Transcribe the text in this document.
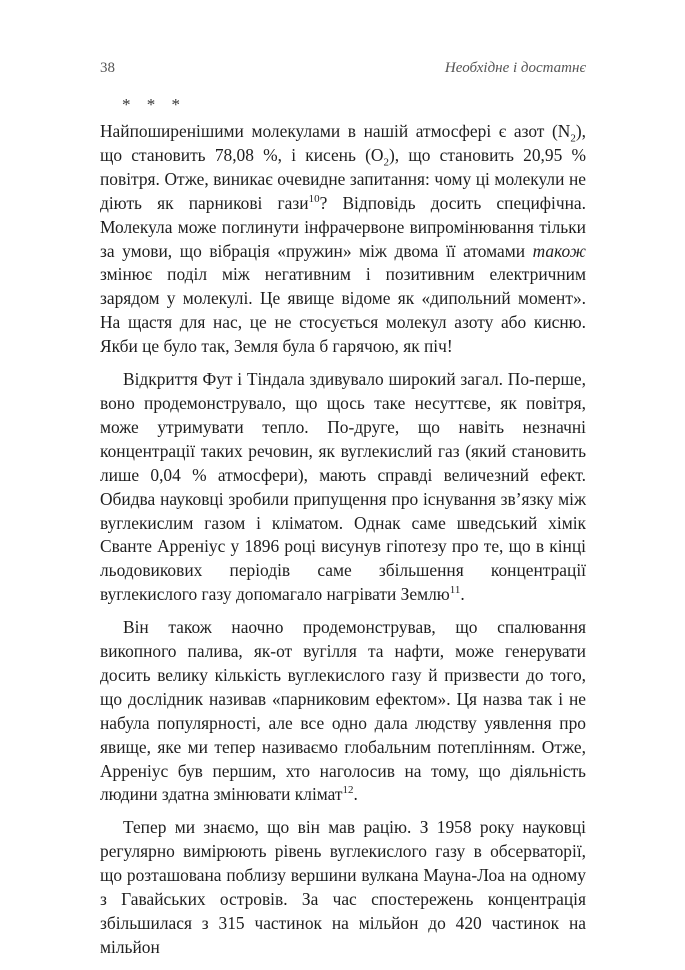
38	Необхідне і достатнє
* * *

Найпоширенішими молекулами в нашій атмосфері є азот $(N_2)$, що становить 78,08 %, і кисень $(O_2)$, що становить 20,95 % повітря. Отже, виникає очевидне запитання: чому ці молекули не діють як парникові гази$^{10}$? Відповідь досить специфічна. Молекула може поглинути інфрачервоне випромінювання тільки за умови, що вібрація «пружин» між двома її атомами також змінює поділ між негативним і позитивним електричним зарядом у молекулі. Це явище відоме як «дипольний момент». На щастя для нас, це не стосується молекул азоту або кисню. Якби це було так, Земля була б гарячою, як піч!

Відкриття Фут і Тіндала здивувало широкий загал. По-перше, воно продемонструвало, що щось таке несуттєве, як повітря, може утримувати тепло. По-друге, що навіть незначні концентрації таких речовин, як вуглекислий газ (який становить лише 0,04 % атмосфери), мають справді величезний ефект. Обидва науковці зробили припущення про існування зв’язку між вуглекислим газом і кліматом. Однак саме шведський хімік Сванте Арреніус у 1896 році висунув гіпотезу про те, що в кінці льодовикових періодів саме збільшення концентрації вуглекислого газу допомагало нагрівати Землю$^{11}$.

Він також наочно продемонстрував, що спалювання викопного палива, як-от вугілля та нафти, може генерувати досить велику кількість вуглекислого газу й призвести до того, що дослідник називав «парниковим ефектом». Ця назва так і не набула популярності, але все одно дала людству уявлення про явище, яке ми тепер називаємо глобальним потеплінням. Отже, Арреніус був першим, хто наголосив на тому, що діяльність людини здатна змінювати клімат$^{12}$.

Тепер ми знаємо, що він мав рацію. З 1958 року науковці регулярно вимірюють рівень вуглекислого газу в обсерваторії, що розташована поблизу вершини вулкана Мауна-Лоа на одному з Гавайських островів. За час спостережень концентрація збільшилася з 315 частинок на мільйон до 420 частинок на мільйон
